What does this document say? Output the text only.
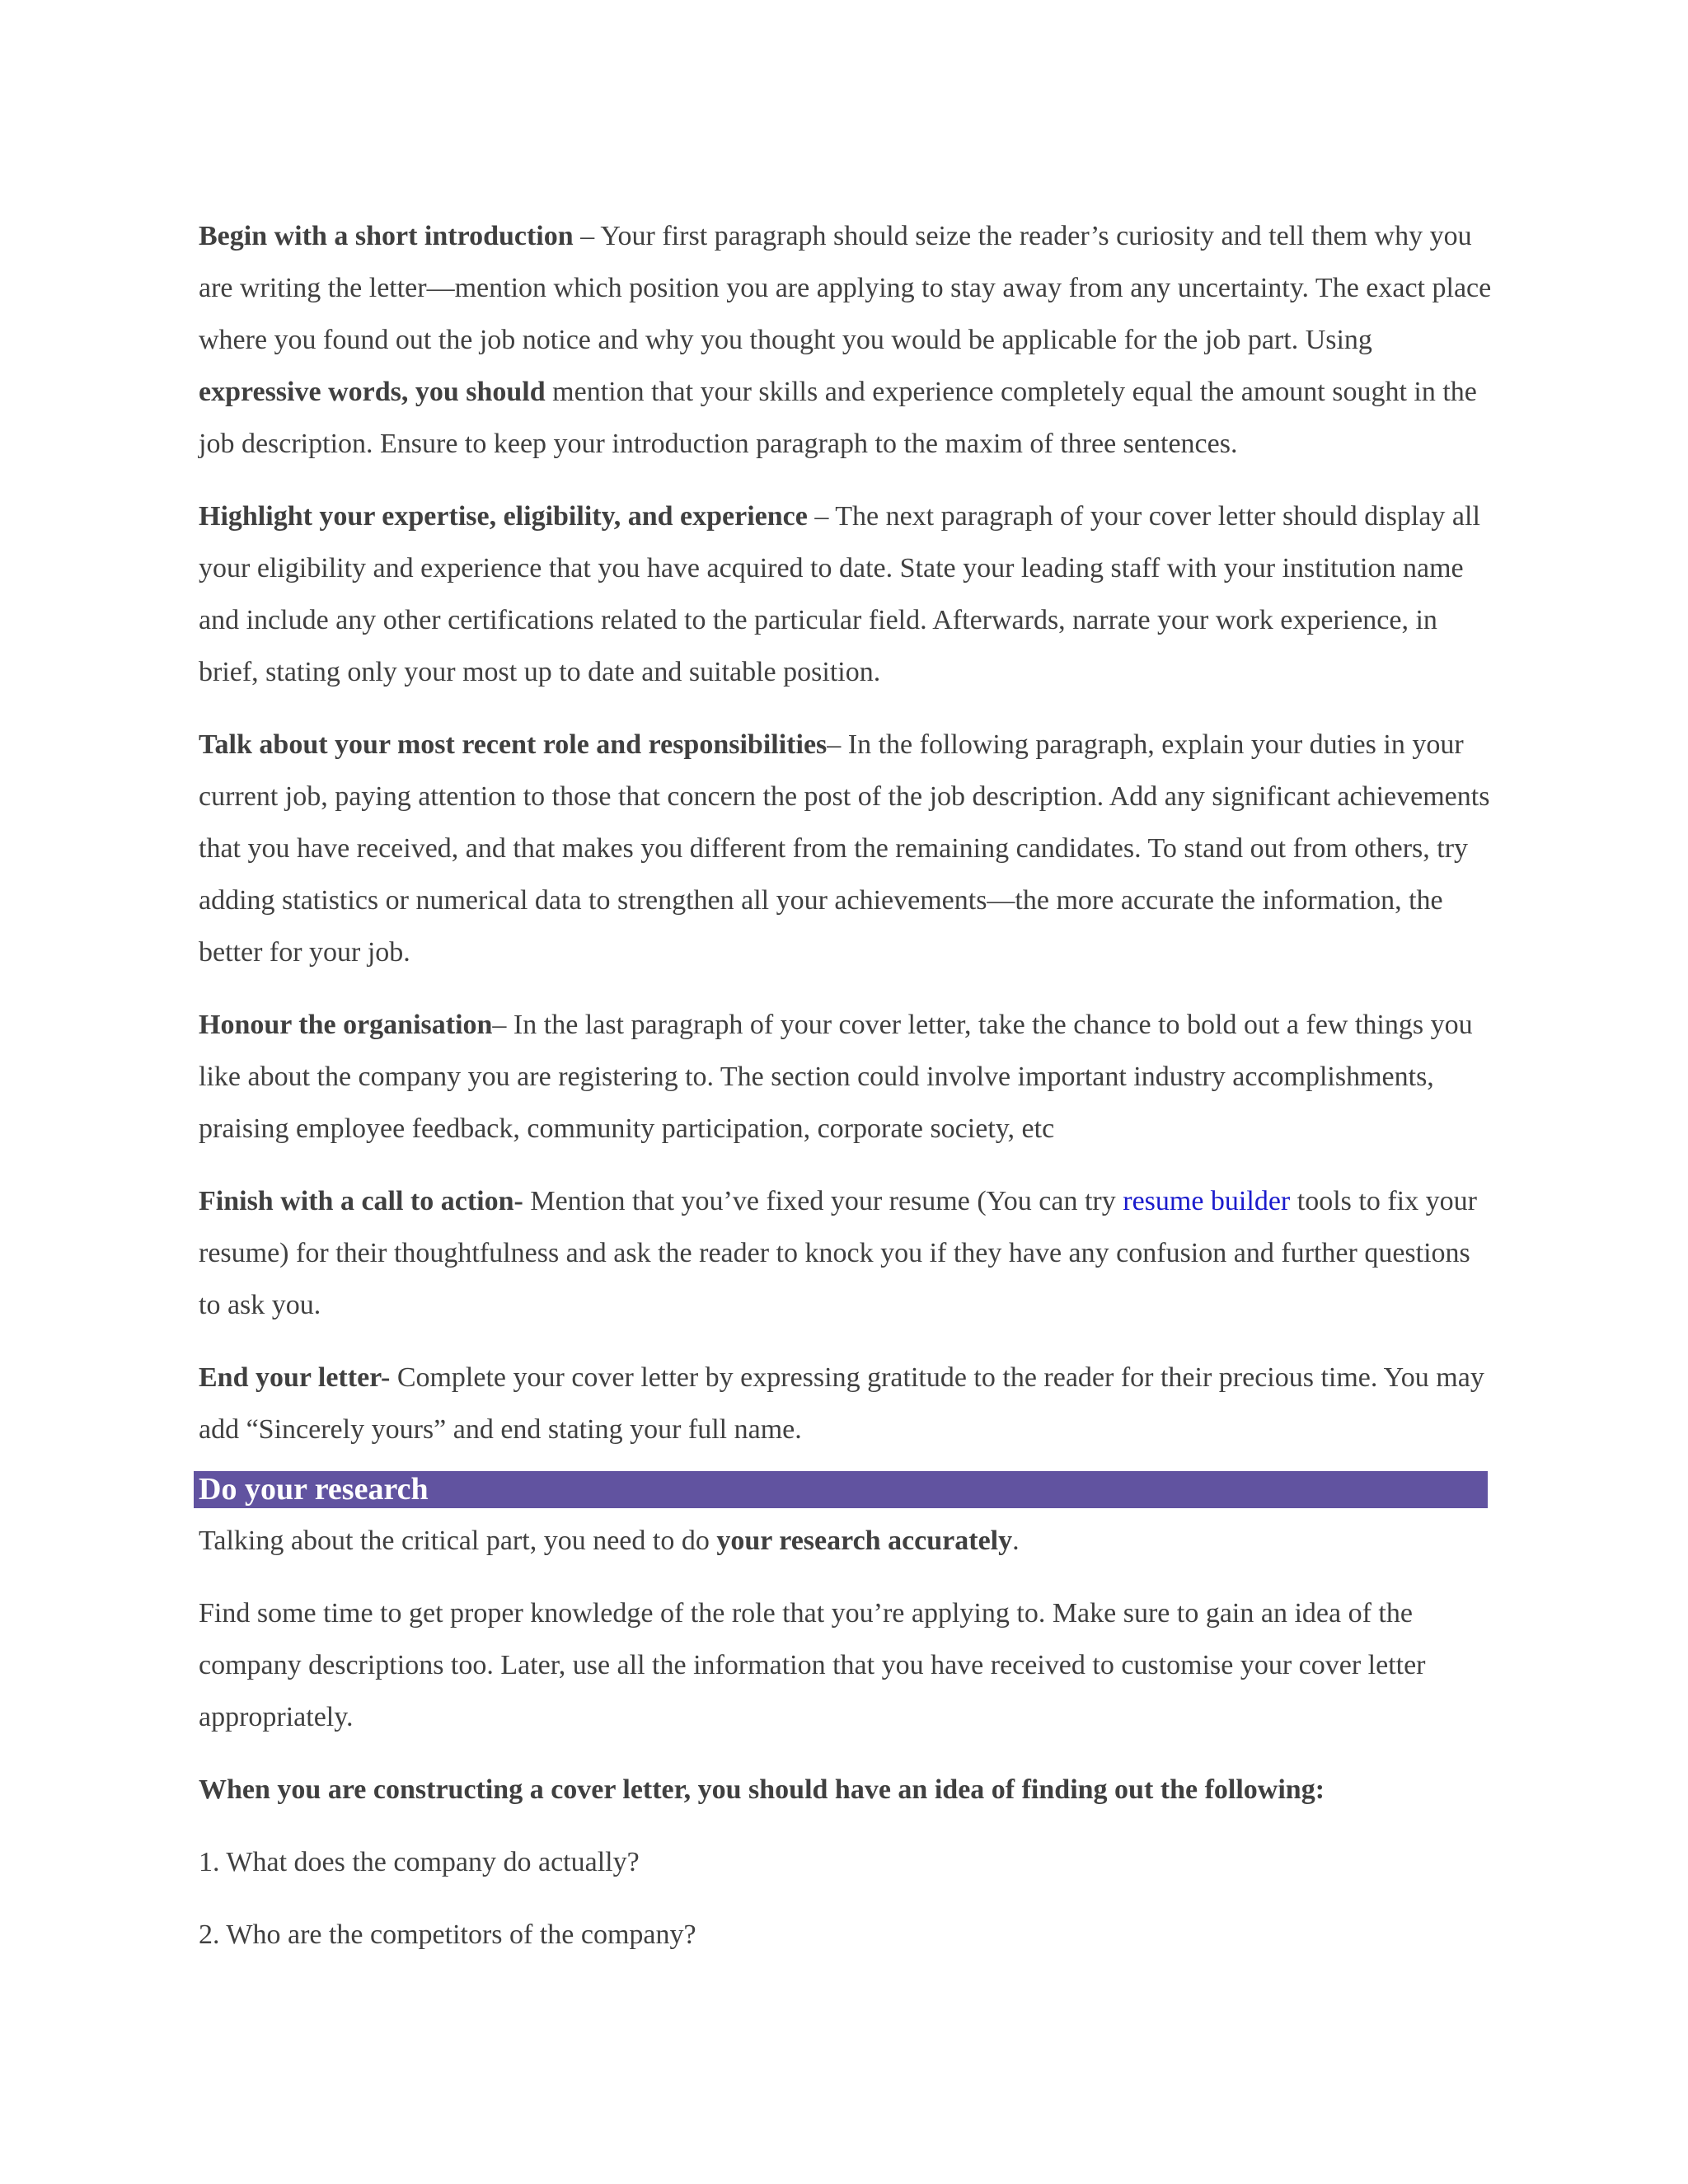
Begin with a short introduction – Your first paragraph should seize the reader’s curiosity and tell them why you are writing the letter—mention which position you are applying to stay away from any uncertainty. The exact place where you found out the job notice and why you thought you would be applicable for the job part. Using expressive words, you should mention that your skills and experience completely equal the amount sought in the job description. Ensure to keep your introduction paragraph to the maxim of three sentences.

Highlight your expertise, eligibility, and experience – The next paragraph of your cover letter should display all your eligibility and experience that you have acquired to date. State your leading staff with your institution name and include any other certifications related to the particular field. Afterwards, narrate your work experience, in brief, stating only your most up to date and suitable position.

Talk about your most recent role and responsibilities– In the following paragraph, explain your duties in your current job, paying attention to those that concern the post of the job description. Add any significant achievements that you have received, and that makes you different from the remaining candidates. To stand out from others, try adding statistics or numerical data to strengthen all your achievements—the more accurate the information, the better for your job.

Honour the organisation– In the last paragraph of your cover letter, take the chance to bold out a few things you like about the company you are registering to. The section could involve important industry accomplishments, praising employee feedback, community participation, corporate society, etc

Finish with a call to action- Mention that you’ve fixed your resume (You can try resume builder tools to fix your resume) for their thoughtfulness and ask the reader to knock you if they have any confusion and further questions to ask you.

End your letter- Complete your cover letter by expressing gratitude to the reader for their precious time. You may add “Sincerely yours” and end stating your full name.

Do your research

Talking about the critical part, you need to do your research accurately.

Find some time to get proper knowledge of the role that you’re applying to. Make sure to gain an idea of the company descriptions too. Later, use all the information that you have received to customise your cover letter appropriately.

When you are constructing a cover letter, you should have an idea of finding out the following:

1. What does the company do actually?

2. Who are the competitors of the company?
